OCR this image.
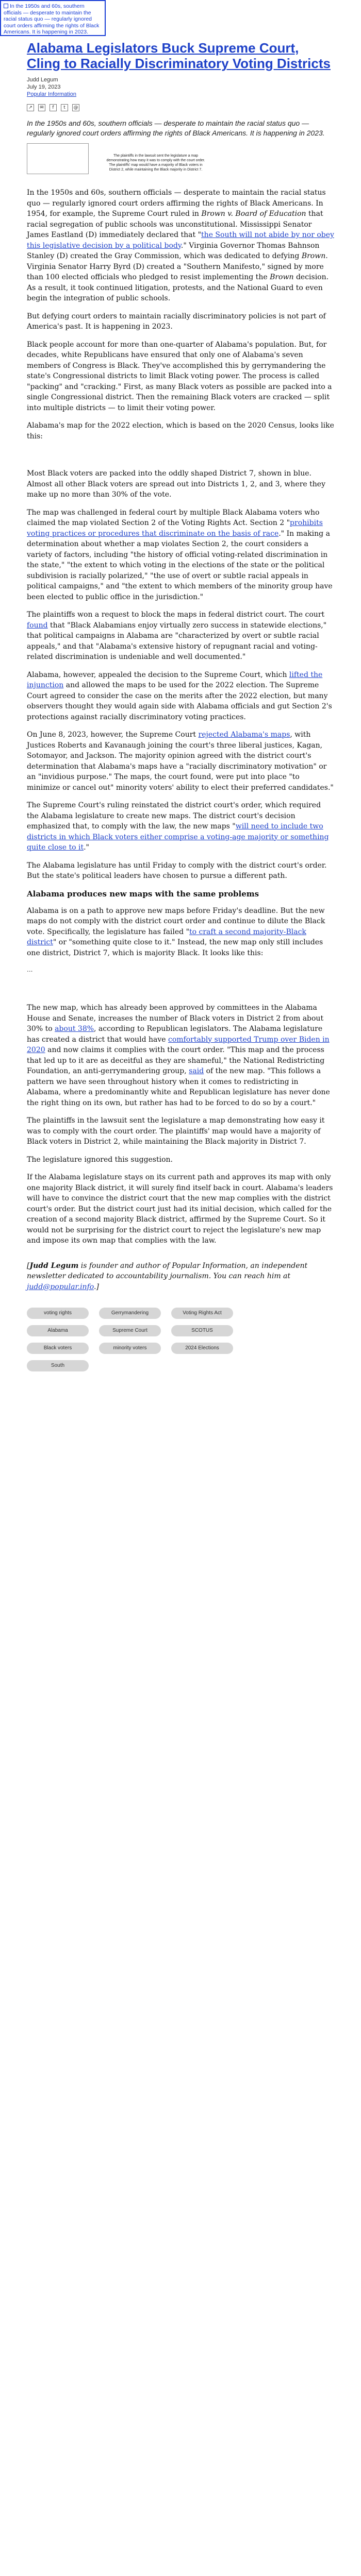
In the 1950s and 60s, southern officials — desperate to maintain the racial status quo — regularly ignored court orders affirming the rights of Black Americans. It is happening in 2023.
Alabama Legislators Buck Supreme Court, Cling to Racially Discriminatory Voting Districts
Judd Legum
July 19, 2023
Popular Information
↗	✉	f	t	@

In the 1950s and 60s, southern officials — desperate to maintain the racial status quo — regularly ignored court orders affirming the rights of Black Americans. It is happening in 2023.

The plaintiffs in the lawsuit sent the legislature a map demonstrating how easy it was to comply with the court order. The plaintiffs' map would have a majority of Black voters in District 2, while maintaining the Black majority in District 7.

In the 1950s and 60s, southern officials — desperate to maintain the racial status quo — regularly ignored court orders affirming the rights of Black Americans. In 1954, for example, the Supreme Court ruled in Brown v. Board of Education that racial segregation of public schools was unconstitutional. Mississippi Senator James Eastland (D) immediately declared that "the South will not abide by nor obey this legislative decision by a political body." Virginia Governor Thomas Bahnson Stanley (D) created the Gray Commission, which was dedicated to defying Brown. Virginia Senator Harry Byrd (D) created a "Southern Manifesto," signed by more than 100 elected officials who pledged to resist implementing the Brown decision. As a result, it took continued litigation, protests, and the National Guard to even begin the integration of public schools.

But defying court orders to maintain racially discriminatory policies is not part of America's past. It is happening in 2023.

Black people account for more than one-quarter of Alabama's population. But, for decades, white Republicans have ensured that only one of Alabama's seven members of Congress is Black. They've accomplished this by gerrymandering the state's Congressional districts to limit Black voting power. The process is called "packing" and "cracking." First, as many Black voters as possible are packed into a single Congressional district. Then the remaining Black voters are cracked — split into multiple districts — to limit their voting power.

Alabama's map for the 2022 election, which is based on the 2020 Census, looks like this:

Most Black voters are packed into the oddly shaped District 7, shown in blue. Almost all other Black voters are spread out into Districts 1, 2, and 3, where they make up no more than 30% of the vote.

The map was challenged in federal court by multiple Black Alabama voters who claimed the map violated Section 2 of the Voting Rights Act. Section 2 "prohibits voting practices or procedures that discriminate on the basis of race." In making a determination about whether a map violates Section 2, the court considers a variety of factors, including "the history of official voting-related discrimination in the state," "the extent to which voting in the elections of the state or the political subdivision is racially polarized," "the use of overt or subtle racial appeals in political campaigns," and "the extent to which members of the minority group have been elected to public office in the jurisdiction."

The plaintiffs won a request to block the maps in federal district court. The court found that "Black Alabamians enjoy virtually zero success in statewide elections," that political campaigns in Alabama are "characterized by overt or subtle racial appeals," and that "Alabama's extensive history of repugnant racial and voting-related discrimination is undeniable and well documented."

Alabama, however, appealed the decision to the Supreme Court, which lifted the injunction and allowed the maps to be used for the 2022 election. The Supreme Court agreed to consider the case on the merits after the 2022 election, but many observers thought they would again side with Alabama officials and gut Section 2's protections against racially discriminatory voting practices.

On June 8, 2023, however, the Supreme Court rejected Alabama's maps, with Justices Roberts and Kavanaugh joining the court's three liberal justices, Kagan, Sotomayor, and Jackson. The majority opinion agreed with the district court's determination that Alabama's maps have a "racially discriminatory motivation" or an "invidious purpose." The maps, the court found, were put into place "to minimize or cancel out" minority voters' ability to elect their preferred candidates."

The Supreme Court's ruling reinstated the district court's order, which required the Alabama legislature to create new maps. The district court's decision emphasized that, to comply with the law, the new maps "will need to include two districts in which Black voters either comprise a voting-age majority or something quite close to it."

The Alabama legislature has until Friday to comply with the district court's order. But the state's political leaders have chosen to pursue a different path.

Alabama produces new maps with the same problems

Alabama is on a path to approve new maps before Friday's deadline. But the new maps do not comply with the district court order and continue to dilute the Black vote. Specifically, the legislature has failed "to craft a second majority-Black district" or "something quite close to it." Instead, the new map only still includes one district, District 7, which is majority Black. It looks like this:

...

The new map, which has already been approved by committees in the Alabama House and Senate, increases the number of Black voters in District 2 from about 30% to about 38%, according to Republican legislators. The Alabama legislature has created a district that would have comfortably supported Trump over Biden in 2020 and now claims it complies with the court order. "This map and the process that led up to it are as deceitful as they are shameful," the National Redistricting Foundation, an anti-gerrymandering group, said of the new map. "This follows a pattern we have seen throughout history when it comes to redistricting in Alabama, where a predominantly white and Republican legislature has never done the right thing on its own, but rather has had to be forced to do so by a court."

The plaintiffs in the lawsuit sent the legislature a map demonstrating how easy it was to comply with the court order. The plaintiffs' map would have a majority of Black voters in District 2, while maintaining the Black majority in District 7.

The legislature ignored this suggestion.

If the Alabama legislature stays on its current path and approves its map with only one majority Black district, it will surely find itself back in court. Alabama's leaders will have to convince the district court that the new map complies with the district court's order. But the district court just had its initial decision, which called for the creation of a second majority Black district, affirmed by the Supreme Court. So it would not be surprising for the district court to reject the legislature's new map and impose its own map that complies with the law.

[Judd Legum is founder and author of Popular Information, an independent newsletter dedicated to accountability journalism. You can reach him at judd@popular.info.]

voting rights	Gerrymandering	Voting Rights Act
Alabama	Supreme Court	SCOTUS
Black voters	minority voters	2024 Elections
South
